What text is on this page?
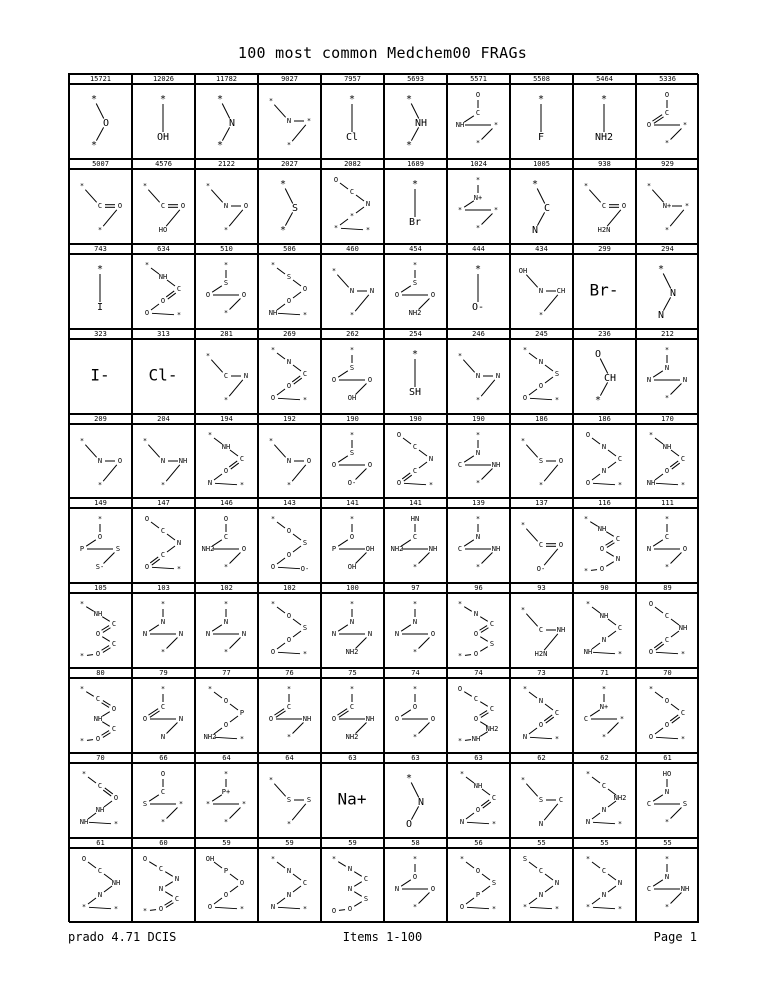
100 most common Medchem00 FRAGs
15721
*
O
*
12026
*
OH
11782
*
N
*
9027
*
N *
*
7957
*
Cl
5693
*
NH
*
5571
O
C
NH	*
*
5508
*
F
5464
*
NH2
5336
O
C
O	*
*
5007
*
C O
*
4576
*
C O
HO
2122
*
N O
*
2027
*
S
*
2082
O
C
N
*
*	*
1689
*
Br
1024
*
N+
*	*
*
1005
*
C
N
938
*
C O
H2N
929
*
N+ *
*
743
*
I
634
*
NH
C
O
O	*
510
*
S
O	O
*
506
*
S
O
O
NH	*
460
*
N N
*
454
*
S
O	O
NH2
444
*
O-
434
OH
N CH
*
299
Br-
294
*
N
N
323
I-
313
Cl-
281
*
C N
*
269
*
N
C
O
O	*
262
*
S
O	O
OH
254
*
SH
246
*
N N
*
245
*
N
S
O
O	*
236
O
CH
*
212
*
N
N	N
*
209
*
N O
*
204
*
N NH
*
194
*
NH
C
O
N	*
192
*
N O
*
190
*
S
O	O
O-
190
O
C
N
C
O	*
190
*
N
C	NH
*
186
*
S O
*
186
O
N
C
N
O	*
170
*
NH
C
O
NH	*
149
*
O
P	S
S-
147
O
C
N
C
O	*
146
O
C
NH2	O
*
143
*
O
S
O
O	O-
141
*
O
P	OH
OH
141
HN
C
NH2	NH
*
139
*
N
C	NH
*
137
*
C O
O-
116
*
NH
C
O
N
O
*
111
*
C
N	O
*
105
*
NH
C
O
C
O
*
103
*
N
N	N
*
102
*
N
N	N
*
102
*
O
S
O
O	*
100
*
N
N	N
NH2
97
*
N
N	O
*
96
*
N
C
O
S
O
*
93
*
C NH
H2N
90
*
NH
C
N
NH	*
89
O
C
NH
C
O	*
80
*
C
O
NH
C
O
*
79
*
C
O	N
N
77
*
O
P
O
NH2	*
76
*
C
O	NH
*
75
*
C
O	NH
NH2
74
*
O
O	O
*
74
O
C
C
O
NH2
NH
*
73
*
N
C
O
N	*
71
*
N+
C	*
*
70
*
O
C
O
O	*
70
*
C
O
NH
NH	*
66
O
C
S	*
*
64
*
P+
*	*
*
64
*
S S
*
63
Na+
63
*
N
O
63
*
NH
C
O
N	*
62
*
S C
N
62
*
C
NH2
N
N	*
61
HO
N
C	S
*
61
O
C
NH
N
*	*
60
O
C
N
N
C
O
*
59
OH
P
O
O
O	*
59
*
N
C
N
N	*
59
*
N
C
N
S
O
O
58
*
O
N	O
*
56
*
O
S
P
O	*
55
S
C
N
N
*	*
55
*
C
N
N
*	*
55
*
N
C	NH
*
prado 4.71 DCIS	Items 1-100	Page 1
